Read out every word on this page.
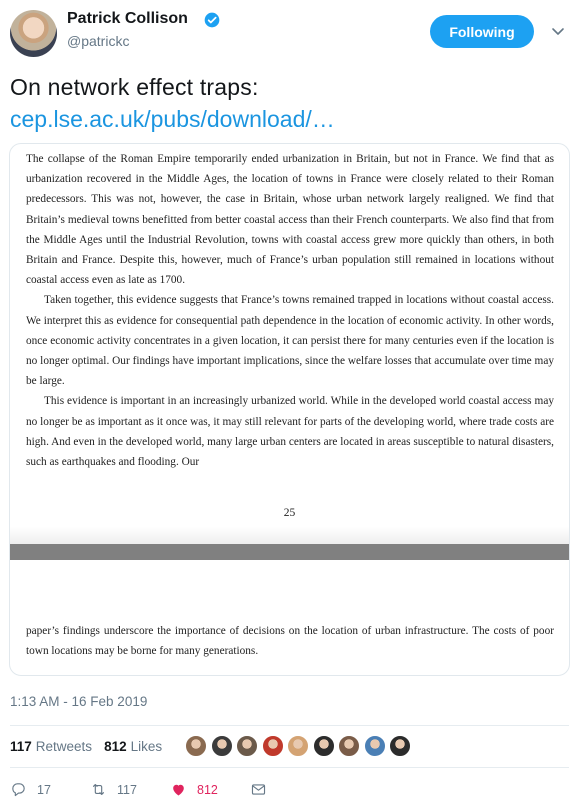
Patrick Collison
@patrickc
Following
On network effect traps:
cep.lse.ac.uk/pubs/download/…

The collapse of the Roman Empire temporarily ended urbanization in Britain, but not in France. We find that as urbanization recovered in the Middle Ages, the location of towns in France were closely related to their Roman predecessors. This was not, however, the case in Britain, whose urban network largely realigned. We find that Britain’s medieval towns benefitted from better coastal access than their French counterparts. We also find that from the Middle Ages until the Industrial Revolution, towns with coastal access grew more quickly than others, in both Britain and France. Despite this, however, much of France’s urban population still remained in locations without coastal access even as late as 1700.

Taken together, this evidence suggests that France’s towns remained trapped in locations without coastal access. We interpret this as evidence for consequential path dependence in the location of economic activity. In other words, once economic activity concentrates in a given location, it can persist there for many centuries even if the location is no longer optimal. Our findings have important implications, since the welfare losses that accumulate over time may be large.

This evidence is important in an increasingly urbanized world. While in the developed world coastal access may no longer be as important as it once was, it may still relevant for parts of the developing world, where trade costs are high. And even in the developed world, many large urban centers are located in areas susceptible to natural disasters, such as earthquakes and flooding. Our

25

paper’s findings underscore the importance of decisions on the location of urban infrastructure. The costs of poor town locations may be borne for many generations.

1:13 AM - 16 Feb 2019
117 Retweets 812 Likes
17	117	812
